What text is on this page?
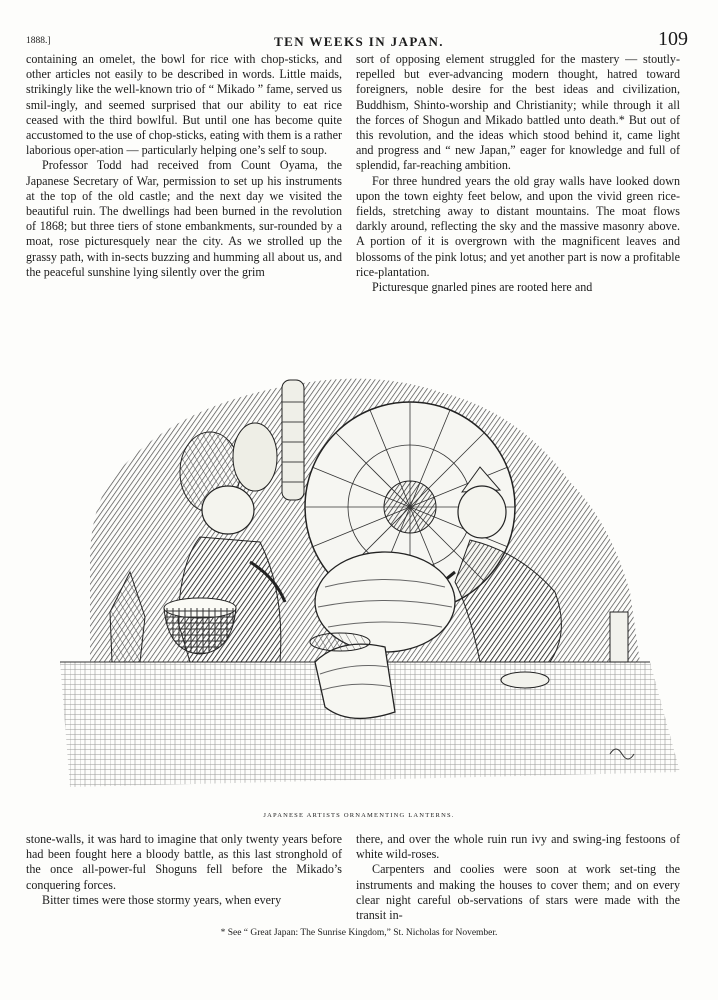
1888.]	TEN WEEKS IN JAPAN.	109

containing an omelet, the bowl for rice with chop-sticks, and other articles not easily to be described in words. Little maids, strikingly like the well-known trio of “ Mikado ” fame, served us smil-ingly, and seemed surprised that our ability to eat rice ceased with the third bowlful. But until one has become quite accustomed to the use of chop-sticks, eating with them is a rather laborious oper-ation — particularly helping one’s self to soup.

Professor Todd had received from Count Oyama, the Japanese Secretary of War, permission to set up his instruments at the top of the old castle; and the next day we visited the beautiful ruin. The dwellings had been burned in the revolution of 1868; but three tiers of stone embankments, sur-rounded by a moat, rose picturesquely near the city. As we strolled up the grassy path, with in-sects buzzing and humming all about us, and the peaceful sunshine lying silently over the grim

sort of opposing element struggled for the mastery — stoutly-repelled but ever-advancing modern thought, hatred toward foreigners, noble desire for the best ideas and civilization, Buddhism, Shinto-worship and Christianity; while through it all the forces of Shogun and Mikado battled unto death.* But out of this revolution, and the ideas which stood behind it, came light and progress and “ new Japan,” eager for knowledge and full of splendid, far-reaching ambition.

For three hundred years the old gray walls have looked down upon the town eighty feet below, and upon the vivid green rice-fields, stretching away to distant mountains. The moat flows darkly around, reflecting the sky and the massive masonry above. A portion of it is overgrown with the magnificent leaves and blossoms of the pink lotus; and yet another part is now a profitable rice-plantation.

Picturesque gnarled pines are rooted here and

JAPANESE ARTISTS ORNAMENTING LANTERNS.

stone-walls, it was hard to imagine that only twenty years before had been fought here a bloody battle, as this last stronghold of the once all-power-ful Shoguns fell before the Mikado’s conquering forces.

Bitter times were those stormy years, when every

there, and over the whole ruin run ivy and swing-ing festoons of white wild-roses.

Carpenters and coolies were soon at work set-ting the instruments and making the houses to cover them; and on every clear night careful ob-servations of stars were made with the transit in-

* See “ Great Japan: The Sunrise Kingdom,” St. Nicholas for November.
